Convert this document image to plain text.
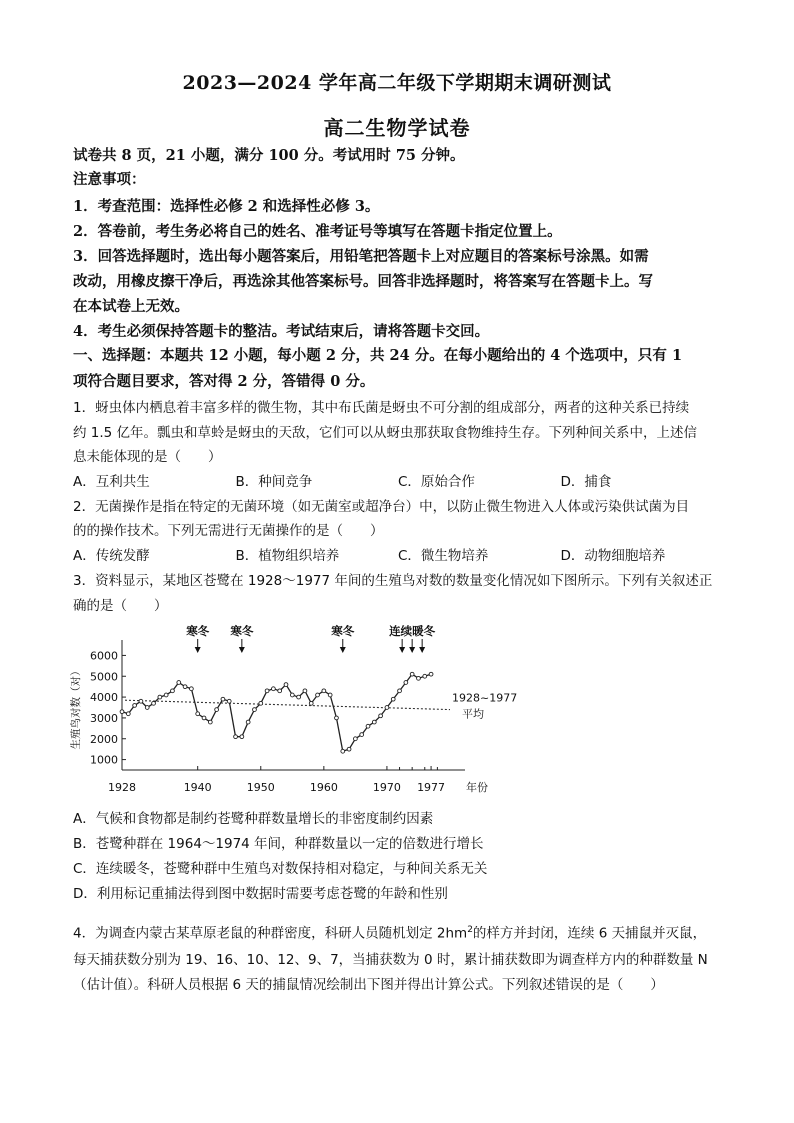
2023—2024 学年高二年级下学期期末调研测试
高二生物学试卷
试卷共 8 页，21 小题，满分 100 分。考试用时 75 分钟。
注意事项：
1．考查范围：选择性必修 2 和选择性必修 3。
2．答卷前，考生务必将自己的姓名、准考证号等填写在答题卡指定位置上。
3．回答选择题时，选出每小题答案后，用铅笔把答题卡上对应题目的答案标号涂黑。如需
改动，用橡皮擦干净后，再选涂其他答案标号。回答非选择题时，将答案写在答题卡上。写
在本试卷上无效。
4．考生必须保持答题卡的整洁。考试结束后，请将答题卡交回。
一、选择题：本题共 12 小题，每小题 2 分，共 24 分。在每小题给出的 4 个选项中，只有 1
项符合题目要求，答对得 2 分，答错得 0 分。
1．蚜虫体内栖息着丰富多样的微生物，其中布氏菌是蚜虫不可分割的组成部分，两者的这种关系已持续
约 1.5 亿年。瓢虫和草蛉是蚜虫的天敌，它们可以从蚜虫那获取食物维持生存。下列种间关系中，上述信
息未能体现的是（　　）
A．互利共生	B．种间竞争	C．原始合作	D．捕食
2．无菌操作是指在特定的无菌环境（如无菌室或超净台）中，以防止微生物进入人体或污染供试菌为目
的的操作技术。下列无需进行无菌操作的是（　　）
A．传统发酵	B．植物组织培养	C．微生物培养	D．动物细胞培养
3．资料显示，某地区苍鹭在 1928～1977 年间的生殖鸟对数的数量变化情况如下图所示。下列有关叙述正
确的是（　　）
1000
2000
3000
4000
5000
6000
1928	1940	1950	1960	1970 1977 年份
生殖鸟对数（对）	1928~1977
平均
寒冬 寒冬	寒冬	连续暖冬
A．气候和食物都是制约苍鹭种群数量增长的非密度制约因素
B．苍鹭种群在 1964～1974 年间，种群数量以一定的倍数进行增长
C．连续暖冬，苍鹭种群中生殖鸟对数保持相对稳定，与种间关系无关
D．利用标记重捕法得到图中数据时需要考虑苍鹭的年龄和性别
4．为调查内蒙古某草原老鼠的种群密度，科研人员随机划定 $2hm^2$的样方并封闭，连续 6 天捕鼠并灭鼠，
每天捕获数分别为 19、16、10、12、9、7，当捕获数为 0 时，累计捕获数即为调查样方内的种群数量 N
（估计值）。科研人员根据 6 天的捕鼠情况绘制出下图并得出计算公式。下列叙述错误的是（　　）
